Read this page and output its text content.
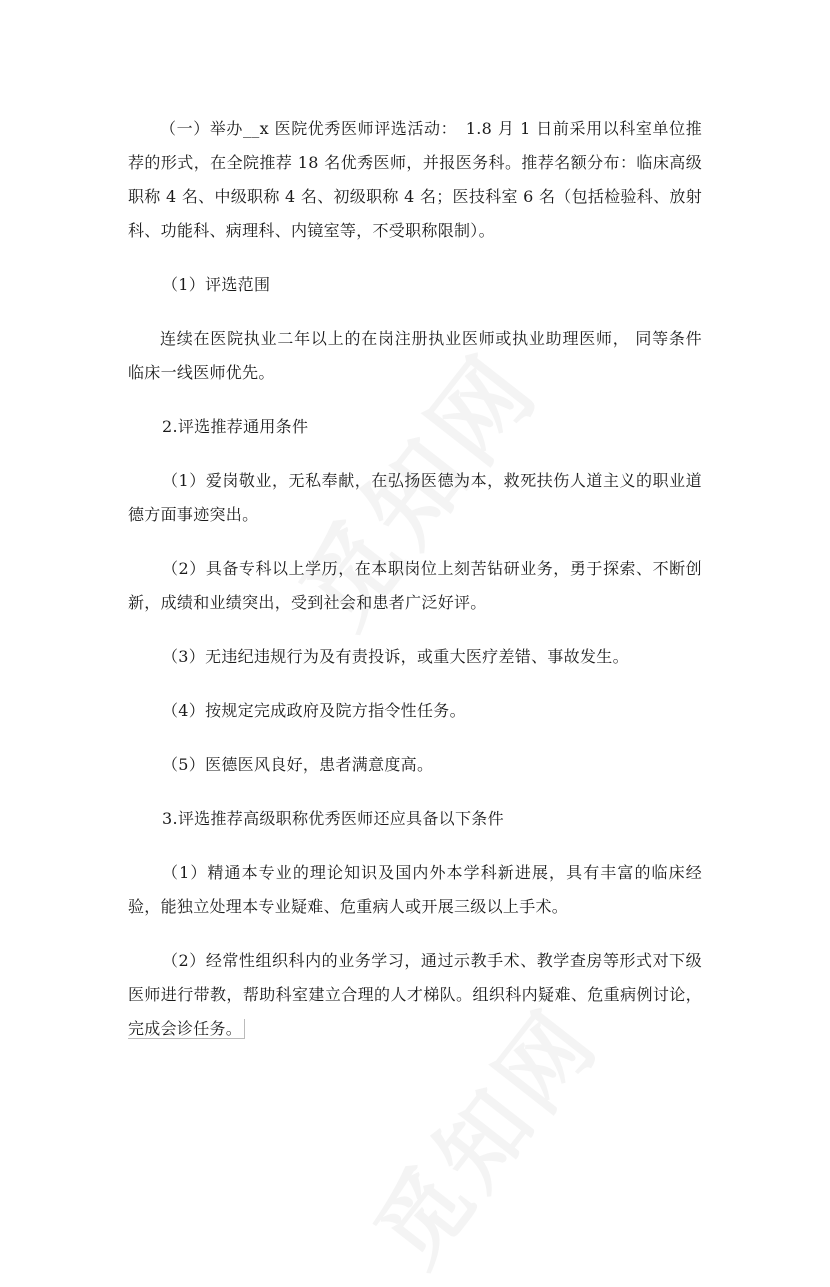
（一）举办__x 医院优秀医师评选活动：　1.8 月 1 日前采用以科室单位推荐的形式，在全院推荐 18 名优秀医师，并报医务科。推荐名额分布：临床高级职称 4 名、中级职称 4 名、初级职称 4 名；医技科室 6 名（包括检验科、放射科、功能科、病理科、内镜室等，不受职称限制）。

（1）评选范围

连续在医院执业二年以上的在岗注册执业医师或执业助理医师， 同等条件临床一线医师优先。

2.评选推荐通用条件

（1）爱岗敬业，无私奉献，在弘扬医德为本，救死扶伤人道主义的职业道德方面事迹突出。

（2）具备专科以上学历，在本职岗位上刻苦钻研业务，勇于探索、不断创新，成绩和业绩突出，受到社会和患者广泛好评。

（3）无违纪违规行为及有责投诉，或重大医疗差错、事故发生。

（4）按规定完成政府及院方指令性任务。

（5）医德医风良好，患者满意度高。

3.评选推荐高级职称优秀医师还应具备以下条件

（1）精通本专业的理论知识及国内外本学科新进展，具有丰富的临床经验，能独立处理本专业疑难、危重病人或开展三级以上手术。

（2）经常性组织科内的业务学习，通过示教手术、教学查房等形式对下级医师进行带教，帮助科室建立合理的人才梯队。组织科内疑难、危重病例讨论，完成会诊任务。
